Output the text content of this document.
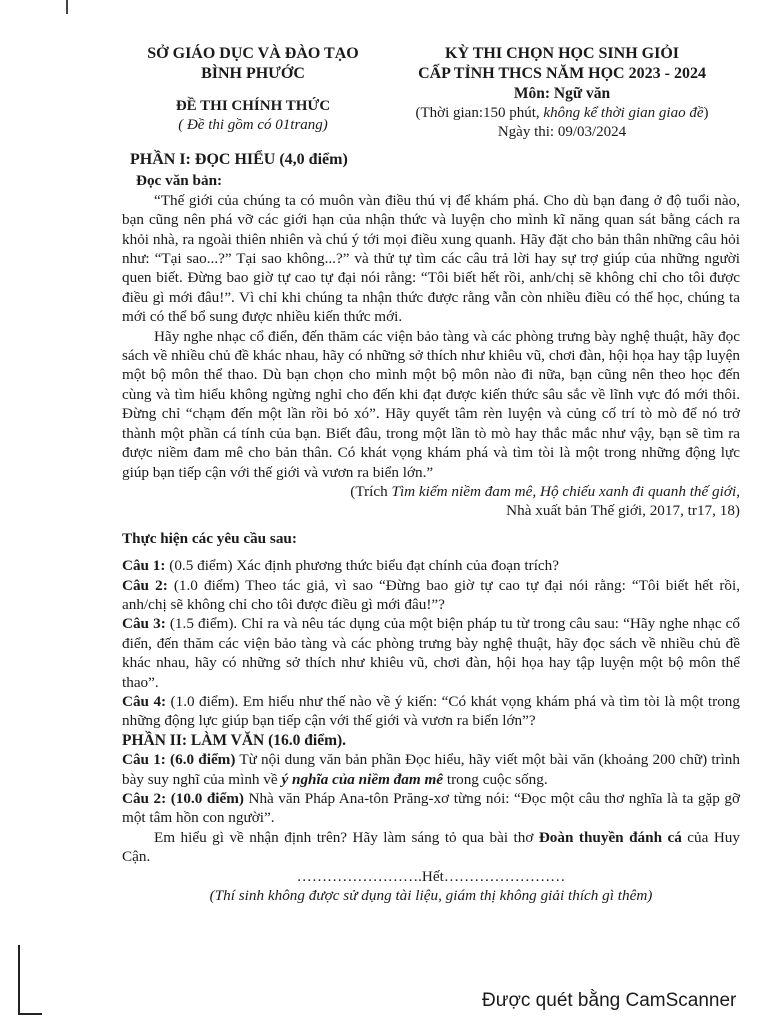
SỞ GIÁO DỤC VÀ ĐÀO TẠO
BÌNH PHƯỚC
ĐỀ THI CHÍNH THỨC
( Đề thi gồm có 01trang)
KỲ THI CHỌN HỌC SINH GIỎI
CẤP TỈNH THCS NĂM HỌC 2023 - 2024
Môn: Ngữ văn
(Thời gian:150 phút, không kể thời gian giao đề)
Ngày thi: 09/03/2024

PHẦN I: ĐỌC HIỂU (4,0 điểm)

Đọc văn bản:

“Thế giới của chúng ta có muôn vàn điều thú vị để khám phá. Cho dù bạn đang ở độ tuổi nào, bạn cũng nên phá vỡ các giới hạn của nhận thức và luyện cho mình kĩ năng quan sát bằng cách ra khỏi nhà, ra ngoài thiên nhiên và chú ý tới mọi điều xung quanh. Hãy đặt cho bản thân những câu hỏi như: “Tại sao...?” Tại sao không...?” và thử tự tìm các câu trả lời hay sự trợ giúp của những người quen biết. Đừng bao giờ tự cao tự đại nói rằng: “Tôi biết hết rồi, anh/chị sẽ không chỉ cho tôi được điều gì mới đâu!”. Vì chỉ khi chúng ta nhận thức được rằng vẫn còn nhiều điều có thể học, chúng ta mới có thể bổ sung được nhiều kiến thức mới.

Hãy nghe nhạc cổ điển, đến thăm các viện bảo tàng và các phòng trưng bày nghệ thuật, hãy đọc sách về nhiều chủ đề khác nhau, hãy có những sở thích như khiêu vũ, chơi đàn, hội họa hay tập luyện một bộ môn thể thao. Dù bạn chọn cho mình một bộ môn nào đi nữa, bạn cũng nên theo học đến cùng và tìm hiểu không ngừng nghỉ cho đến khi đạt được kiến thức sâu sắc về lĩnh vực đó mới thôi. Đừng chỉ “chạm đến một lần rồi bỏ xó”. Hãy quyết tâm rèn luyện và củng cố trí tò mò để nó trở thành một phần cá tính của bạn. Biết đâu, trong một lần tò mò hay thắc mắc như vậy, bạn sẽ tìm ra được niềm đam mê cho bản thân. Có khát vọng khám phá và tìm tòi là một trong những động lực giúp bạn tiếp cận với thế giới và vươn ra biển lớn.”

(Trích Tìm kiếm niềm đam mê, Hộ chiếu xanh đi quanh thế giới,

Nhà xuất bản Thế giới, 2017, tr17, 18)

Thực hiện các yêu cầu sau:

Câu 1: (0.5 điểm) Xác định phương thức biểu đạt chính của đoạn trích?

Câu 2: (1.0 điểm) Theo tác giả, vì sao “Đừng bao giờ tự cao tự đại nói rằng: “Tôi biết hết rồi, anh/chị sẽ không chỉ cho tôi được điều gì mới đâu!”?

Câu 3: (1.5 điểm). Chỉ ra và nêu tác dụng của một biện pháp tu từ trong câu sau: “Hãy nghe nhạc cổ điển, đến thăm các viện bảo tàng và các phòng trưng bày nghệ thuật, hãy đọc sách về nhiều chủ đề khác nhau, hãy có những sở thích như khiêu vũ, chơi đàn, hội họa hay tập luyện một bộ môn thể thao”.

Câu 4: (1.0 điểm). Em hiểu như thế nào về ý kiến: “Có khát vọng khám phá và tìm tòi là một trong những động lực giúp bạn tiếp cận với thế giới và vươn ra biển lớn”?

PHẦN II: LÀM VĂN (16.0 điểm).

Câu 1: (6.0 điểm) Từ nội dung văn bản phần Đọc hiểu, hãy viết một bài văn (khoảng 200 chữ) trình bày suy nghĩ của mình về ý nghĩa của niềm đam mê trong cuộc sống.

Câu 2: (10.0 điểm) Nhà văn Pháp Ana-tôn Prăng-xơ từng nói: “Đọc một câu thơ nghĩa là ta gặp gỡ một tâm hồn con người”.

Em hiểu gì về nhận định trên? Hãy làm sáng tỏ qua bài thơ Đoàn thuyền đánh cá của Huy Cận.

…………………….Hết……………………

(Thí sinh không được sử dụng tài liệu, giám thị không giải thích gì thêm)

Được quét bằng CamScanner
